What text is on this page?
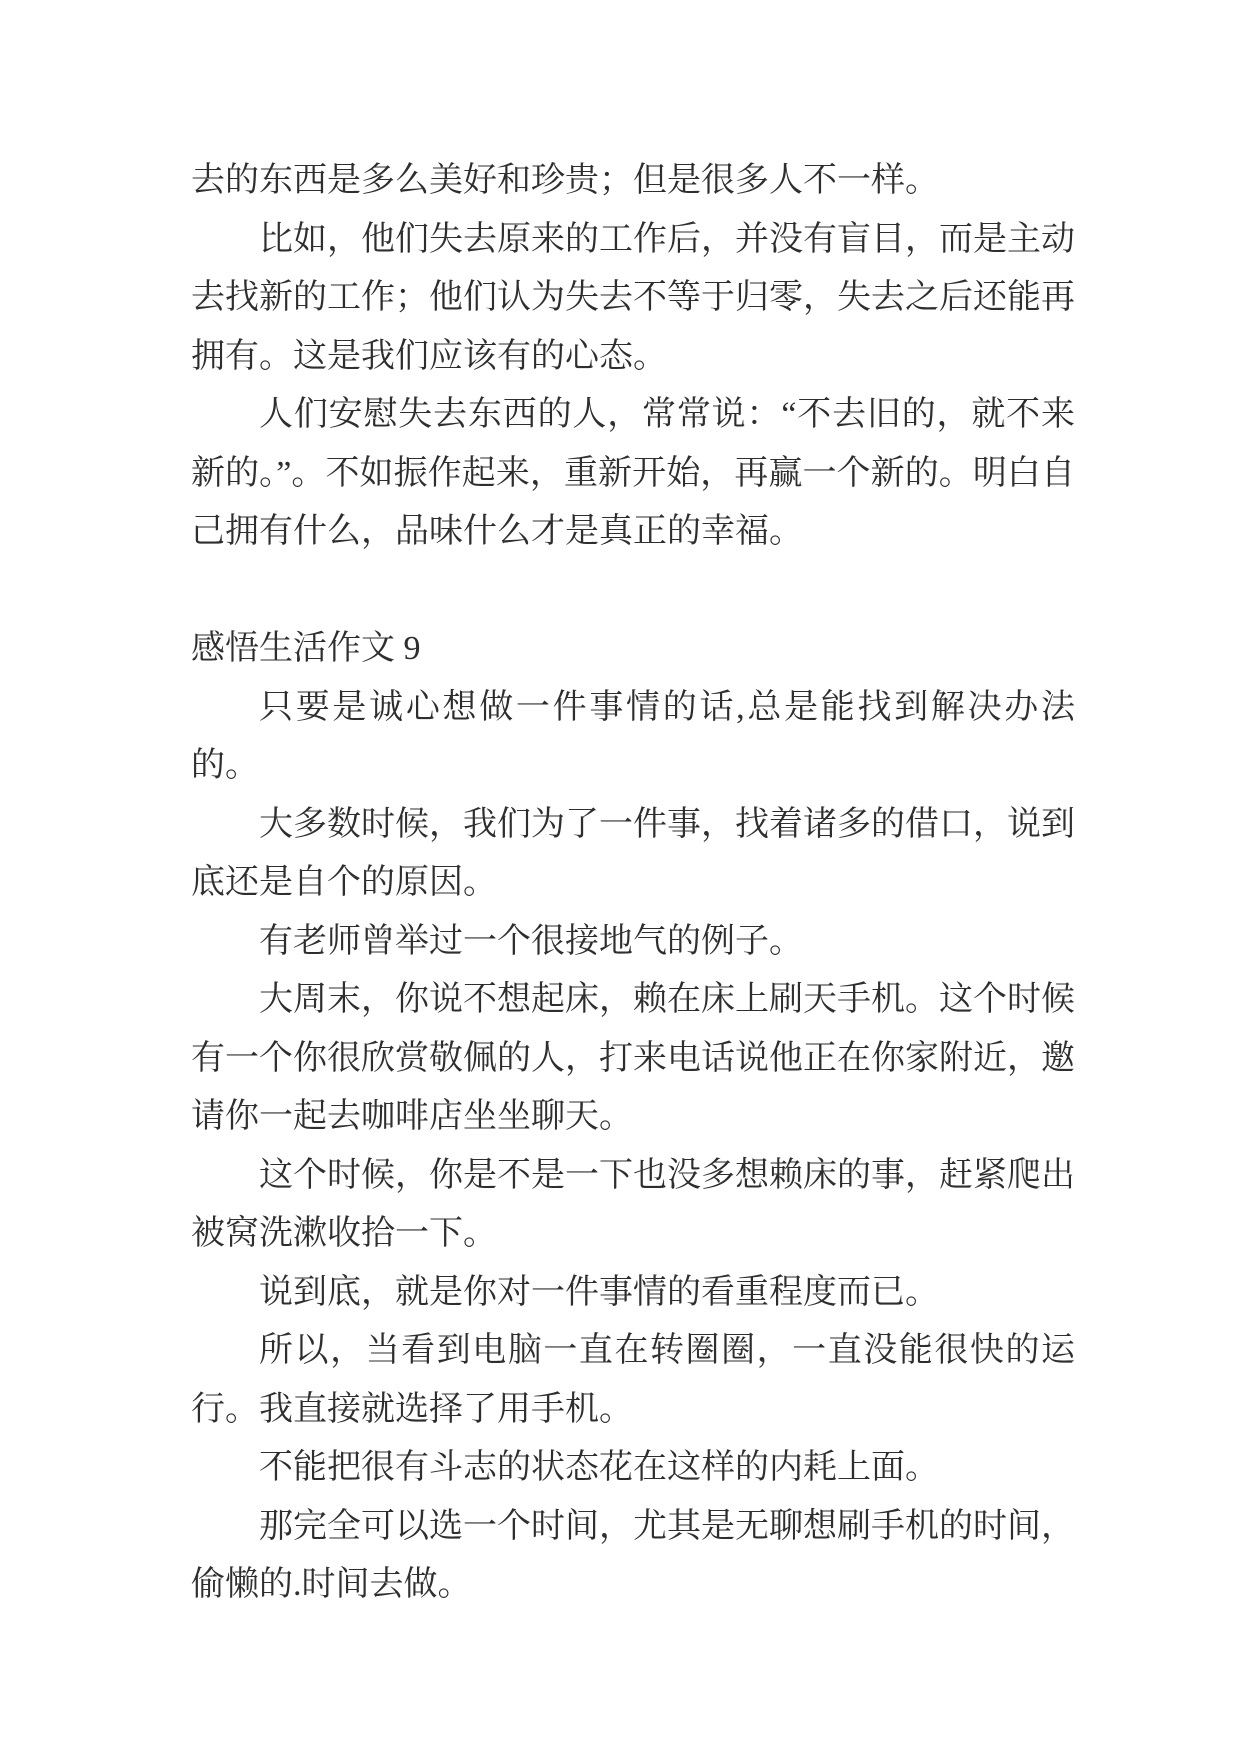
去的东西是多么美好和珍贵；但是很多人不一样。

比如，他们失去原来的工作后，并没有盲目，而是主动去找新的工作；他们认为失去不等于归零，失去之后还能再拥有。这是我们应该有的心态。

人们安慰失去东西的人，常常说：“不去旧的，就不来新的。”。不如振作起来，重新开始，再赢一个新的。明白自己拥有什么，品味什么才是真正的幸福。

感悟生活作文 9

只要是诚心想做一件事情的话,总是能找到解决办法的。

大多数时候，我们为了一件事，找着诸多的借口，说到底还是自个的原因。

有老师曾举过一个很接地气的例子。

大周末，你说不想起床，赖在床上刷天手机。这个时候有一个你很欣赏敬佩的人，打来电话说他正在你家附近，邀请你一起去咖啡店坐坐聊天。

这个时候，你是不是一下也没多想赖床的事，赶紧爬出被窝洗漱收拾一下。

说到底，就是你对一件事情的看重程度而已。

所以，当看到电脑一直在转圈圈，一直没能很快的运行。我直接就选择了用手机。

不能把很有斗志的状态花在这样的内耗上面。

那完全可以选一个时间，尤其是无聊想刷手机的时间，偷懒的.时间去做。
